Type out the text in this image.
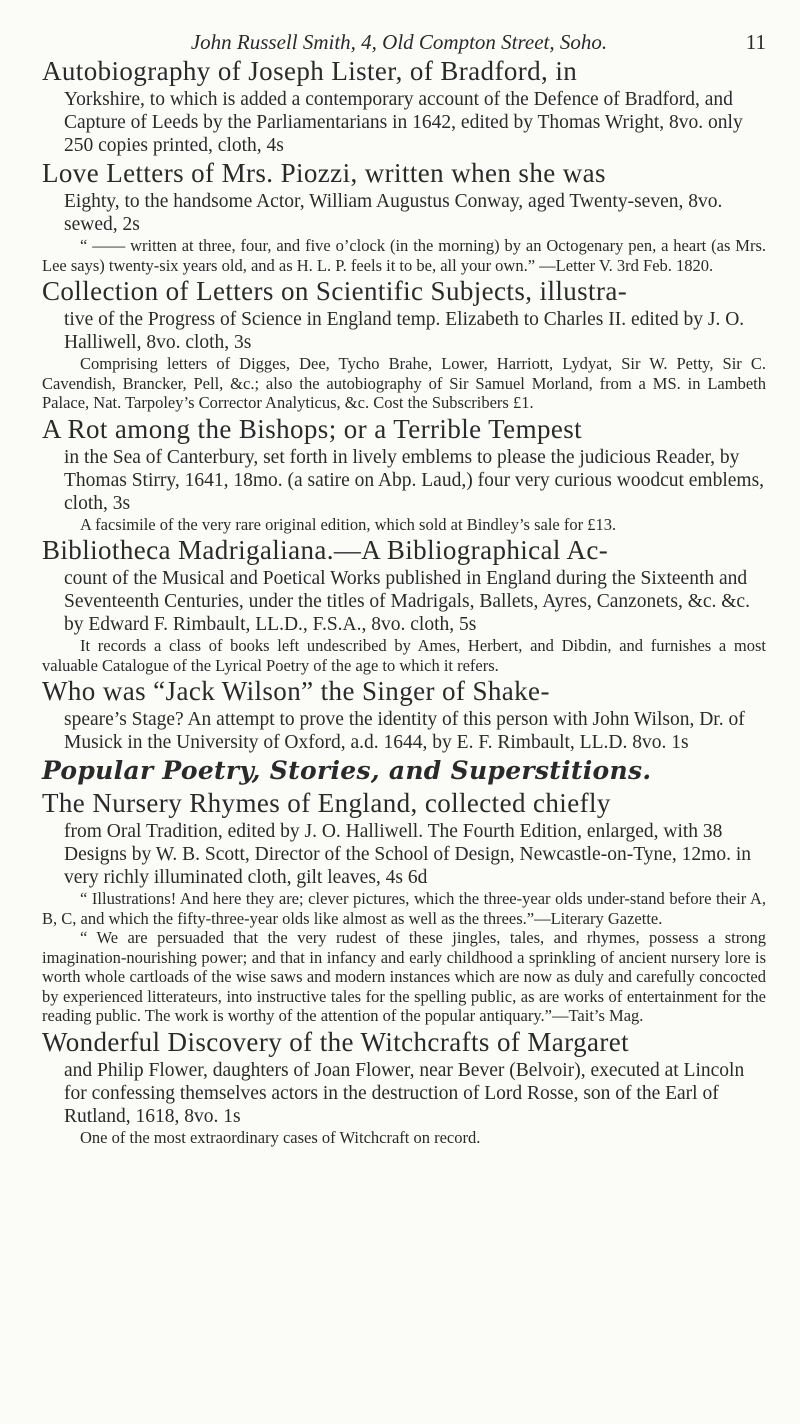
John Russell Smith, 4, Old Compton Street, Soho.	11

Autobiography of Joseph Lister, of Bradford, in

Yorkshire, to which is added a contemporary account of the Defence of Bradford, and Capture of Leeds by the Parliamentarians in 1642, edited by Thomas Wright, 8vo. only 250 copies printed, cloth, 4s

Love Letters of Mrs. Piozzi, written when she was

Eighty, to the handsome Actor, William Augustus Conway, aged Twenty-seven, 8vo. sewed, 2s

“ —— written at three, four, and five o’clock (in the morning) by an Octogenary pen, a heart (as Mrs. Lee says) twenty-six years old, and as H. L. P. feels it to be, all your own.” —Letter V. 3rd Feb. 1820.

Collection of Letters on Scientific Subjects, illustra-

tive of the Progress of Science in England temp. Elizabeth to Charles II. edited by J. O. Halliwell, 8vo. cloth, 3s

Comprising letters of Digges, Dee, Tycho Brahe, Lower, Harriott, Lydyat, Sir W. Petty, Sir C. Cavendish, Brancker, Pell, &c.; also the autobiography of Sir Samuel Morland, from a MS. in Lambeth Palace, Nat. Tarpoley’s Corrector Analyticus, &c. Cost the Subscribers £1.

A Rot among the Bishops; or a Terrible Tempest

in the Sea of Canterbury, set forth in lively emblems to please the judicious Reader, by Thomas Stirry, 1641, 18mo. (a satire on Abp. Laud,) four very curious woodcut emblems, cloth, 3s

A facsimile of the very rare original edition, which sold at Bindley’s sale for £13.

Bibliotheca Madrigaliana.—A Bibliographical Ac-

count of the Musical and Poetical Works published in England during the Sixteenth and Seventeenth Centuries, under the titles of Madrigals, Ballets, Ayres, Canzonets, &c. &c. by Edward F. Rimbault, LL.D., F.S.A., 8vo. cloth, 5s

It records a class of books left undescribed by Ames, Herbert, and Dibdin, and furnishes a most valuable Catalogue of the Lyrical Poetry of the age to which it refers.

Who was “Jack Wilson” the Singer of Shake-

speare’s Stage? An attempt to prove the identity of this person with John Wilson, Dr. of Musick in the University of Oxford, a.d. 1644, by E. F. Rimbault, LL.D. 8vo. 1s

Popular Poetry, Stories, and Superstitions.

The Nursery Rhymes of England, collected chiefly

from Oral Tradition, edited by J. O. Halliwell. The Fourth Edition, enlarged, with 38 Designs by W. B. Scott, Director of the School of Design, Newcastle-on-Tyne, 12mo. in very richly illuminated cloth, gilt leaves, 4s 6d

“ Illustrations! And here they are; clever pictures, which the three-year olds under-stand before their A, B, C, and which the fifty-three-year olds like almost as well as the threes.”—Literary Gazette.

“ We are persuaded that the very rudest of these jingles, tales, and rhymes, possess a strong imagination-nourishing power; and that in infancy and early childhood a sprinkling of ancient nursery lore is worth whole cartloads of the wise saws and modern instances which are now as duly and carefully concocted by experienced litterateurs, into instructive tales for the spelling public, as are works of entertainment for the reading public. The work is worthy of the attention of the popular antiquary.”—Tait’s Mag.

Wonderful Discovery of the Witchcrafts of Margaret

and Philip Flower, daughters of Joan Flower, near Bever (Belvoir), executed at Lincoln for confessing themselves actors in the destruction of Lord Rosse, son of the Earl of Rutland, 1618, 8vo. 1s

One of the most extraordinary cases of Witchcraft on record.
